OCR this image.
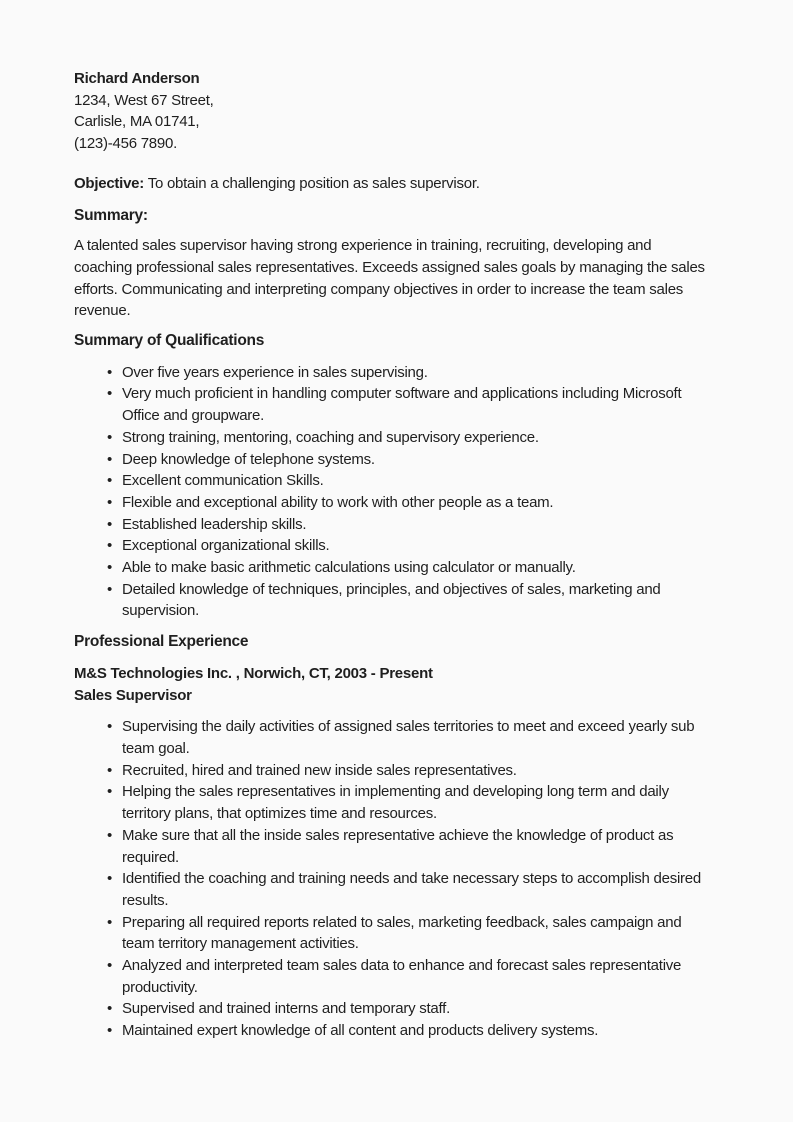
Richard Anderson

1234, West 67 Street,

Carlisle, MA 01741,

(123)-456 7890.

Objective: To obtain a challenging position as sales supervisor.

Summary:

A talented sales supervisor having strong experience in training, recruiting, developing and coaching professional sales representatives. Exceeds assigned sales goals by managing the sales efforts. Communicating and interpreting company objectives in order to increase the team sales revenue.

Summary of Qualifications
• Over five years experience in sales supervising.
• Very much proficient in handling computer software and applications including Microsoft Office and groupware.
• Strong training, mentoring, coaching and supervisory experience.
• Deep knowledge of telephone systems.
• Excellent communication Skills.
• Flexible and exceptional ability to work with other people as a team.
• Established leadership skills.
• Exceptional organizational skills.
• Able to make basic arithmetic calculations using calculator or manually.
• Detailed knowledge of techniques, principles, and objectives of sales, marketing and supervision.
Professional Experience

M&S Technologies Inc. , Norwich, CT, 2003 - Present

Sales Supervisor

• Supervising the daily activities of assigned sales territories to meet and exceed yearly sub team goal.
• Recruited, hired and trained new inside sales representatives.
• Helping the sales representatives in implementing and developing long term and daily territory plans, that optimizes time and resources.
• Make sure that all the inside sales representative achieve the knowledge of product as required.
• Identified the coaching and training needs and take necessary steps to accomplish desired results.
• Preparing all required reports related to sales, marketing feedback, sales campaign and team territory management activities.
• Analyzed and interpreted team sales data to enhance and forecast sales representative productivity.
• Supervised and trained interns and temporary staff.
• Maintained expert knowledge of all content and products delivery systems.
